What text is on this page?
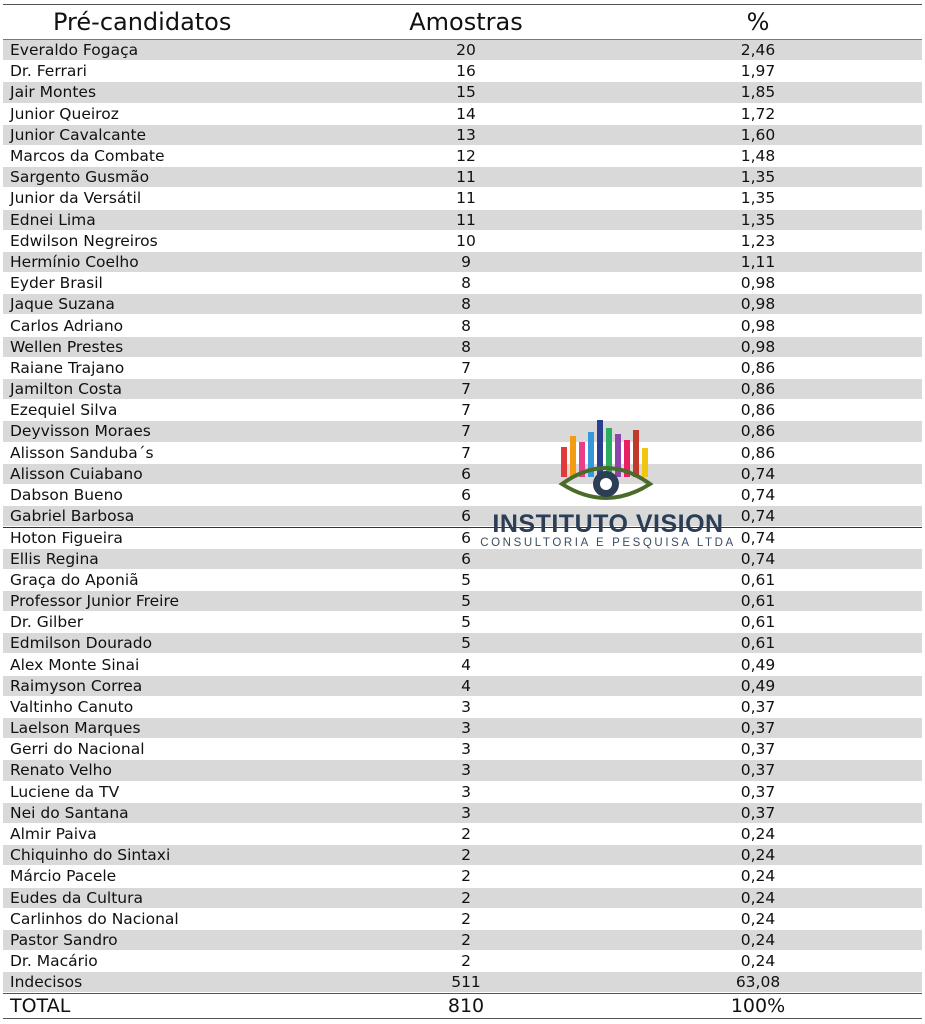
Pré-candidatos	Amostras	%
Everaldo Fogaça	20	2,46
Dr. Ferrari	16	1,97
Jair Montes	15	1,85
Junior Queiroz	14	1,72
Junior Cavalcante	13	1,60
Marcos da Combate	12	1,48
Sargento Gusmão	11	1,35
Junior da Versátil	11	1,35
Ednei Lima	11	1,35
Edwilson Negreiros	10	1,23
Hermínio Coelho	9	1,11
Eyder Brasil	8	0,98
Jaque Suzana	8	0,98
Carlos Adriano	8	0,98
Wellen Prestes	8	0,98
Raiane Trajano	7	0,86
Jamilton Costa	7	0,86
Ezequiel Silva	7	0,86
Deyvisson Moraes	7	0,86
Alisson Sanduba´s	7	0,86
Alisson Cuiabano	6	0,74
Dabson Bueno	6	0,74
Gabriel Barbosa	6	0,74
Hoton Figueira	6	0,74
Ellis Regina	6	0,74
Graça do Aponiã	5	0,61
Professor Junior Freire	5	0,61
Dr. Gilber	5	0,61
Edmilson Dourado	5	0,61
Alex Monte Sinai	4	0,49
Raimyson Correa	4	0,49
Valtinho Canuto	3	0,37
Laelson Marques	3	0,37
Gerri do Nacional	3	0,37
Renato Velho	3	0,37
Luciene da TV	3	0,37
Nei do Santana	3	0,37
Almir Paiva	2	0,24
Chiquinho do Sintaxi	2	0,24
Márcio Pacele	2	0,24
Eudes da Cultura	2	0,24
Carlinhos do Nacional	2	0,24
Pastor Sandro	2	0,24
Dr. Macário	2	0,24
Indecisos	511	63,08
TOTAL	810	100%
INSTITUTO VISION
CONSULTORIA E PESQUISA LTDA
